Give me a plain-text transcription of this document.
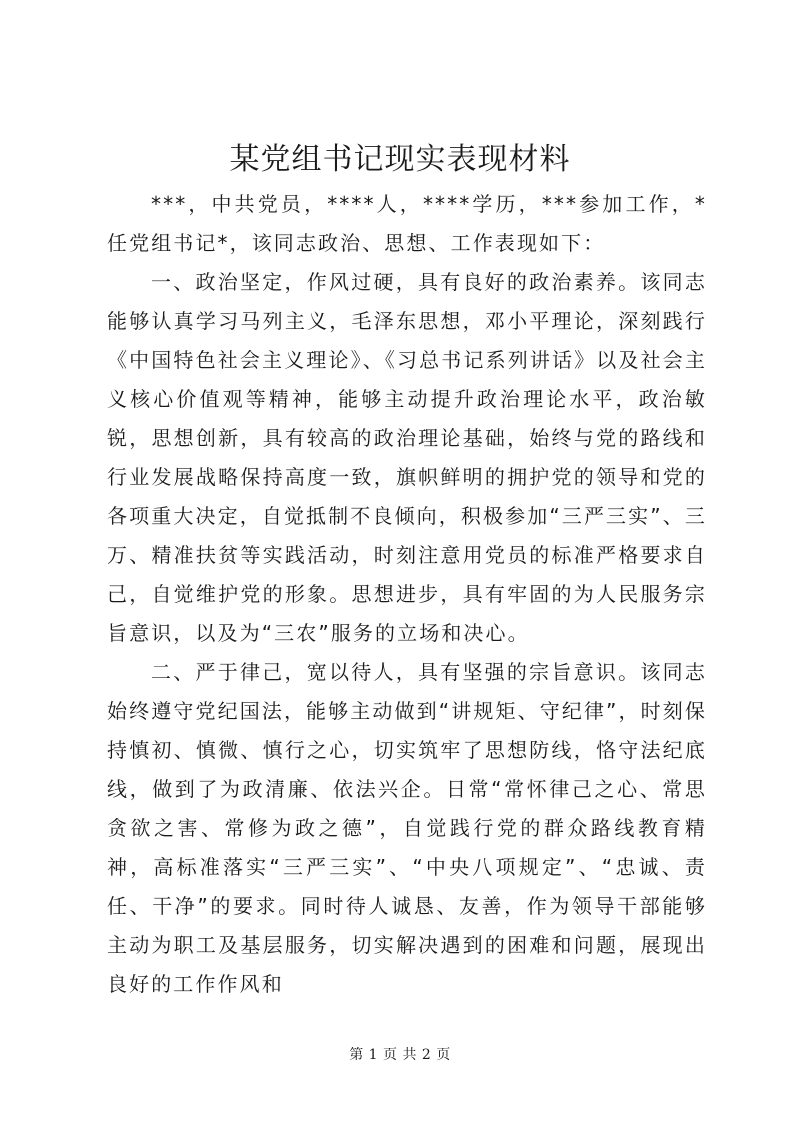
某党组书记现实表现材料

***，中共党员，****人，****学历，***参加工作，*任党组书记*，该同志政治、思想、工作表现如下：

一、政治坚定，作风过硬，具有良好的政治素养。该同志能够认真学习马列主义，毛泽东思想，邓小平理论，深刻践行《中国特色社会主义理论》、《习总书记系列讲话》以及社会主义核心价值观等精神，能够主动提升政治理论水平，政治敏锐，思想创新，具有较高的政治理论基础，始终与党的路线和行业发展战略保持高度一致，旗帜鲜明的拥护党的领导和党的各项重大决定，自觉抵制不良倾向，积极参加“三严三实”、三万、精准扶贫等实践活动，时刻注意用党员的标准严格要求自己，自觉维护党的形象。思想进步，具有牢固的为人民服务宗旨意识，以及为“三农”服务的立场和决心。

二、严于律己，宽以待人，具有坚强的宗旨意识。该同志始终遵守党纪国法，能够主动做到“讲规矩、守纪律”，时刻保持慎初、慎微、慎行之心，切实筑牢了思想防线，恪守法纪底线，做到了为政清廉、依法兴企。日常“常怀律己之心、常思贪欲之害、常修为政之德”，自觉践行党的群众路线教育精神，高标准落实“三严三实”、“中央八项规定”、“忠诚、责任、干净”的要求。同时待人诚恳、友善，作为领导干部能够主动为职工及基层服务，切实解决遇到的困难和问题，展现出良好的工作作风和

第 1 页 共 2 页
